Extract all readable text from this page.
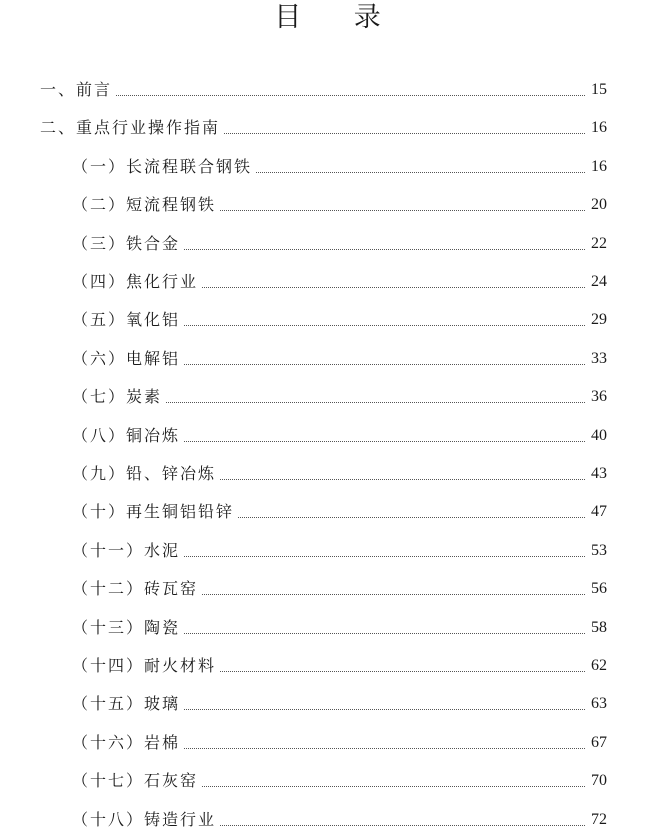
目 录
一、前言	15
二、重点行业操作指南	16
（一）长流程联合钢铁	16
（二）短流程钢铁	20
（三）铁合金	22
（四）焦化行业	24
（五）氧化铝	29
（六）电解铝	33
（七）炭素	36
（八）铜冶炼	40
（九）铅、锌冶炼	43
（十）再生铜铝铅锌	47
（十一）水泥	53
（十二）砖瓦窑	56
（十三）陶瓷	58
（十四）耐火材料	62
（十五）玻璃	63
（十六）岩棉	67
（十七）石灰窑	70
（十八）铸造行业	72
